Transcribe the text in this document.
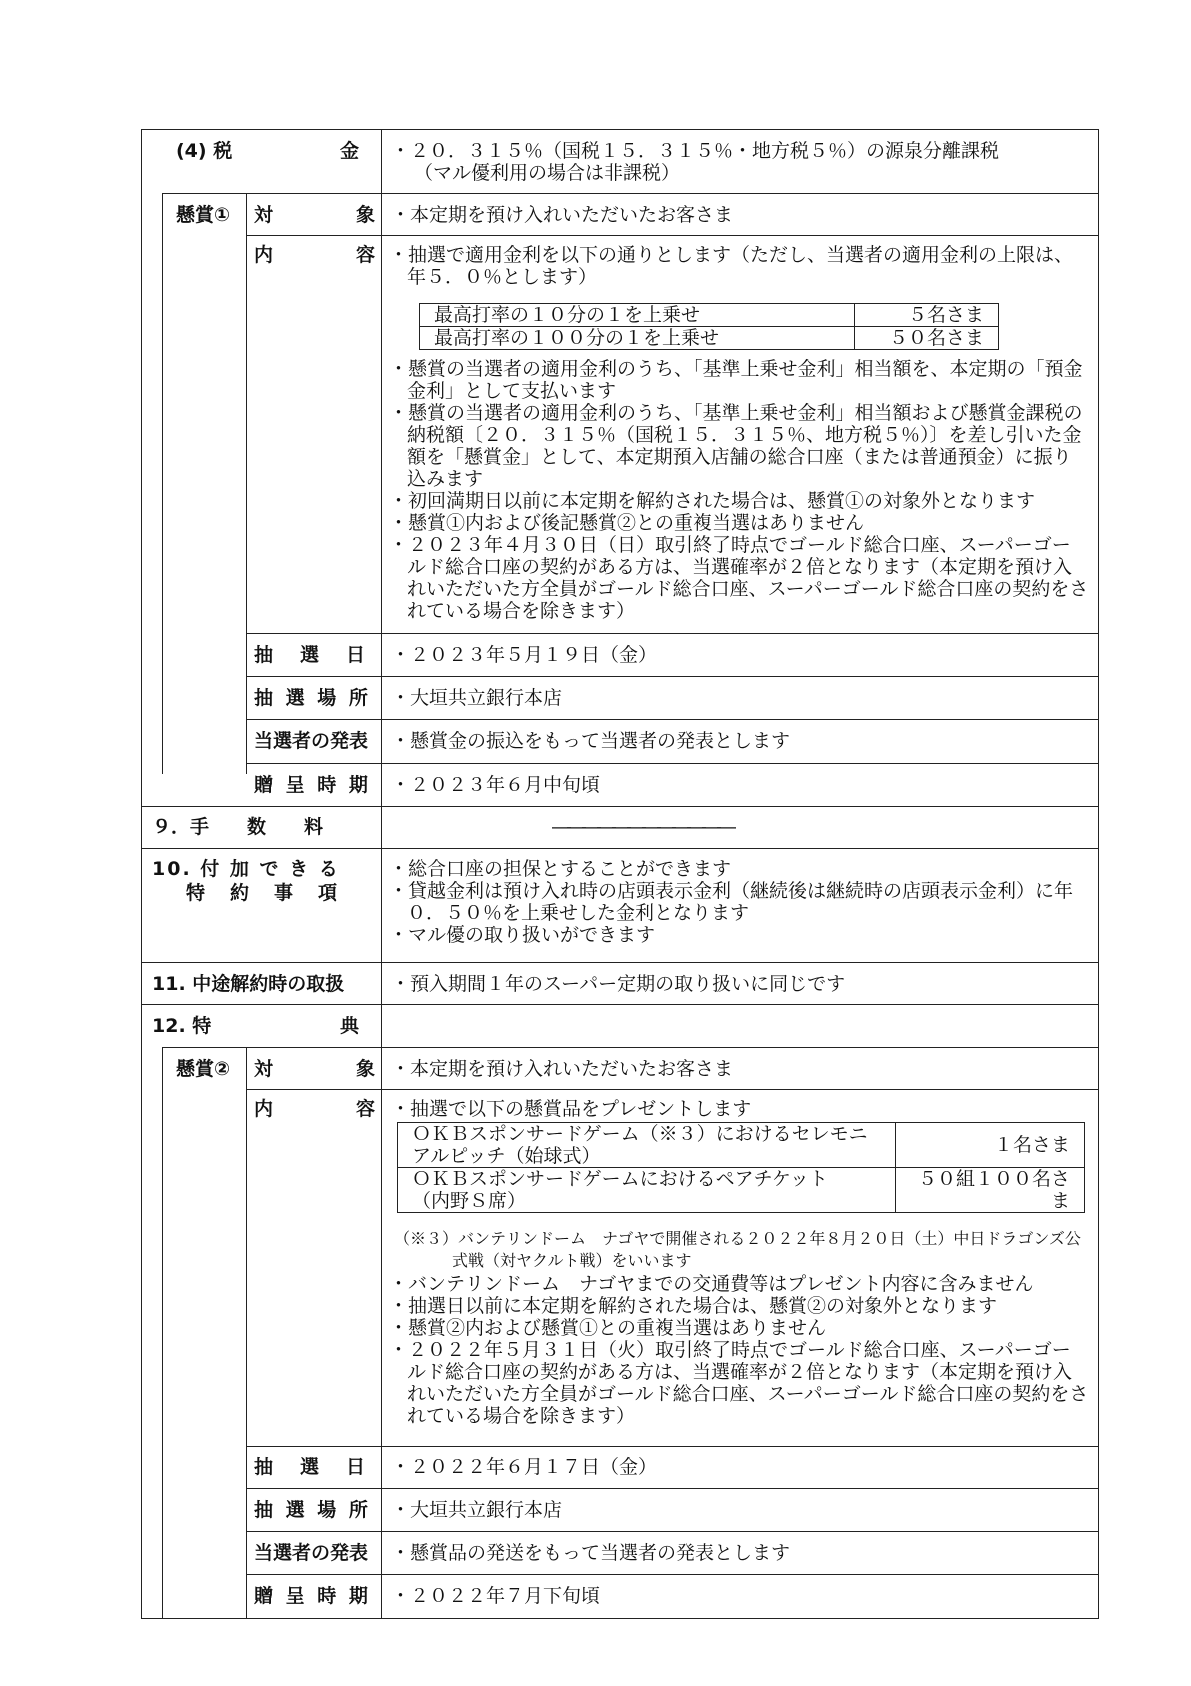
(4) 税	金 ・２０．３１５％（国税１５．３１５％・地方税５％）の源泉分離課税
（マル優利用の場合は非課税）
懸賞① 対	象 ・本定期を預け入れいただいたお客さま
内	容 ・抽選で適用金利を以下の通りとします（ただし、当選者の適用金利の上限は、年５．０％とします）

最高打率の１０分の１を上乗せ	５名さま
最高打率の１００分の１を上乗せ	５０名さま

・懸賞の当選者の適用金利のうち、「基準上乗せ金利」相当額を、本定期の「預金金利」として支払います

・懸賞の当選者の適用金利のうち、「基準上乗せ金利」相当額および懸賞金課税の納税額〔２０．３１５％（国税１５．３１５％、地方税５％）〕を差し引いた金額を「懸賞金」として、本定期預入店舗の総合口座（または普通預金）に振り込みます

・初回満期日以前に本定期を解約された場合は、懸賞①の対象外となります

・懸賞①内および後記懸賞②との重複当選はありません

・２０２３年４月３０日（日）取引終了時点でゴールド総合口座、スーパーゴールド総合口座の契約がある方は、当選確率が２倍となります（本定期を預け入れいただいた方全員がゴールド総合口座、スーパーゴールド総合口座の契約をされている場合を除きます）

抽　選　日 ・２０２３年５月１９日（金）
抽 選 場 所 ・大垣共立銀行本店
当選者の発表 ・懸賞金の振込をもって当選者の発表とします
贈 呈 時 期 ・２０２３年６月中旬頃
９．手　　数　　料	――――――――――――
10. 付 加 で き る
特　約　事　項

・総合口座の担保とすることができます

・貸越金利は預け入れ時の店頭表示金利（継続後は継続時の店頭表示金利）に年０．５０％を上乗せした金利となります

・マル優の取り扱いができます

11. 中途解約時の取扱 ・預入期間１年のスーパー定期の取り扱いに同じです
12. 特	典
懸賞② 対	象 ・本定期を預け入れいただいたお客さま
内	容 ・抽選で以下の懸賞品をプレゼントします
ＯＫＢスポンサードゲーム（※３）におけるセレモニ
アルピッチ（始球式）	１名さま

ＯＫＢスポンサードゲームにおけるペアチケット
（内野Ｓ席）	５０組１００名さま

（※３）バンテリンドーム　ナゴヤで開催される２０２２年８月２０日（土）中日ドラゴンズ公式戦（対ヤクルト戦）をいいます

・バンテリンドーム　ナゴヤまでの交通費等はプレゼント内容に含みません

・抽選日以前に本定期を解約された場合は、懸賞②の対象外となります

・懸賞②内および懸賞①との重複当選はありません

・２０２２年５月３１日（火）取引終了時点でゴールド総合口座、スーパーゴールド総合口座の契約がある方は、当選確率が２倍となります（本定期を預け入れいただいた方全員がゴールド総合口座、スーパーゴールド総合口座の契約をされている場合を除きます）

抽　選　日 ・２０２２年６月１７日（金）
抽 選 場 所 ・大垣共立銀行本店
当選者の発表 ・懸賞品の発送をもって当選者の発表とします
贈 呈 時 期 ・２０２２年７月下旬頃
